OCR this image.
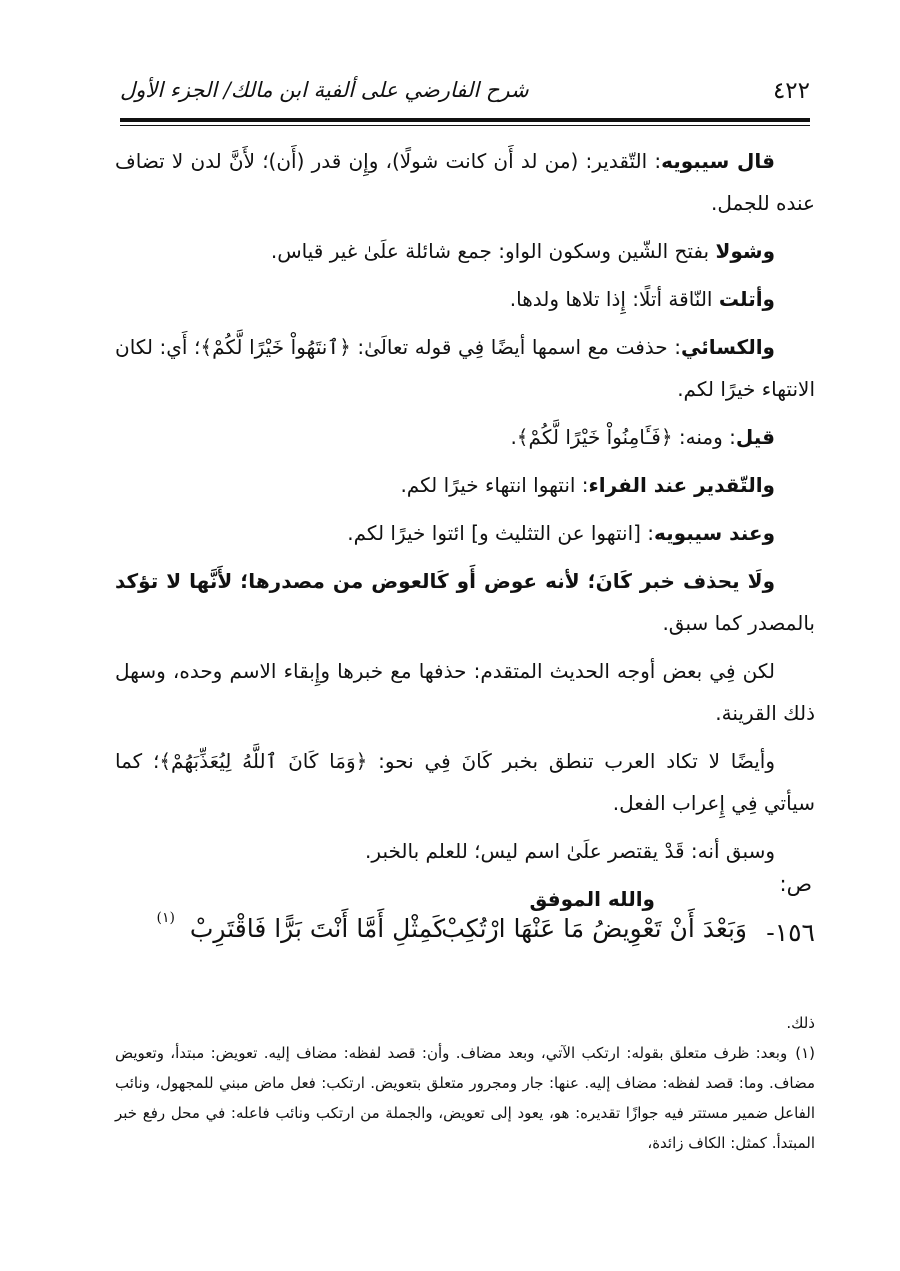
٤٢٢
شرح الفارضي على ألفية ابن مالك/ الجزء الأول

قال سيبويه: التّقدير: (من لد أَن كانت شولًا)، وإِن قدر (أَن)؛ لأَنَّ لدن لا تضاف عنده للجمل.

وشولا بفتح الشّين وسكون الواو: جمع شائلة علَىٰ غير قياس.

وأتلت النّاقة أتلًا: إِذا تلاها ولدها.

والكسائي: حذفت مع اسمها أيضًا فِي قوله تعالَىٰ: ﴿ٱنتَهُواْ خَيْرًا لَّكُمْ﴾؛ أَي: لكان الانتهاء خيرًا لكم.

قيل: ومنه: ﴿فَـَٔامِنُواْ خَيْرًا لَّكُمْ﴾.

والتّقدير عند الفراء: انتهوا انتهاء خيرًا لكم.

وعند سيبويه: [انتهوا عن التثليث و] ائتوا خيرًا لكم.

ولَا يحذف خبر كَانَ؛ لأنه عوض أَو كَالعوض من مصدرها؛ لأَنَّها لا تؤكد بالمصدر كما سبق.

لكن فِي بعض أوجه الحديث المتقدم: حذفها مع خبرها وإِبقاء الاسم وحده، وسهل ذلك القرينة.

وأيضًا لا تكاد العرب تنطق بخبر كَانَ فِي نحو: ﴿وَمَا كَانَ ٱللَّهُ لِيُعَذِّبَهُمْ﴾؛ كما سيأتي فِي إِعراب الفعل.

وسبق أنه: قَدْ يقتصر علَىٰ اسم ليس؛ للعلم بالخبر.

والله الموفق

ص:
١٥٦-
وَبَعْدَ أَنْ تَعْوِيضُ مَا عَنْهَا ارْتُكِبْ
كَمِثْلِ أَمَّا أَنْتَ بَرًّا فَاقْتَرِبْ
(١)

ذلك.

(١)وبعد: ظرف متعلق بقوله: ارتكب الآتي، وبعد مضاف. وأن: قصد لفظه: مضاف إليه. تعويض: مبتدأ، وتعويض مضاف. وما: قصد لفظه: مضاف إليه. عنها: جار ومجرور متعلق بتعويض. ارتكب: فعل ماض مبني للمجهول، ونائب الفاعل ضمير مستتر فيه جوازًا تقديره: هو، يعود إلى تعويض، والجملة من ارتكب ونائب فاعله: في محل رفع خبر المبتدأ. كمثل: الكاف زائدة،
